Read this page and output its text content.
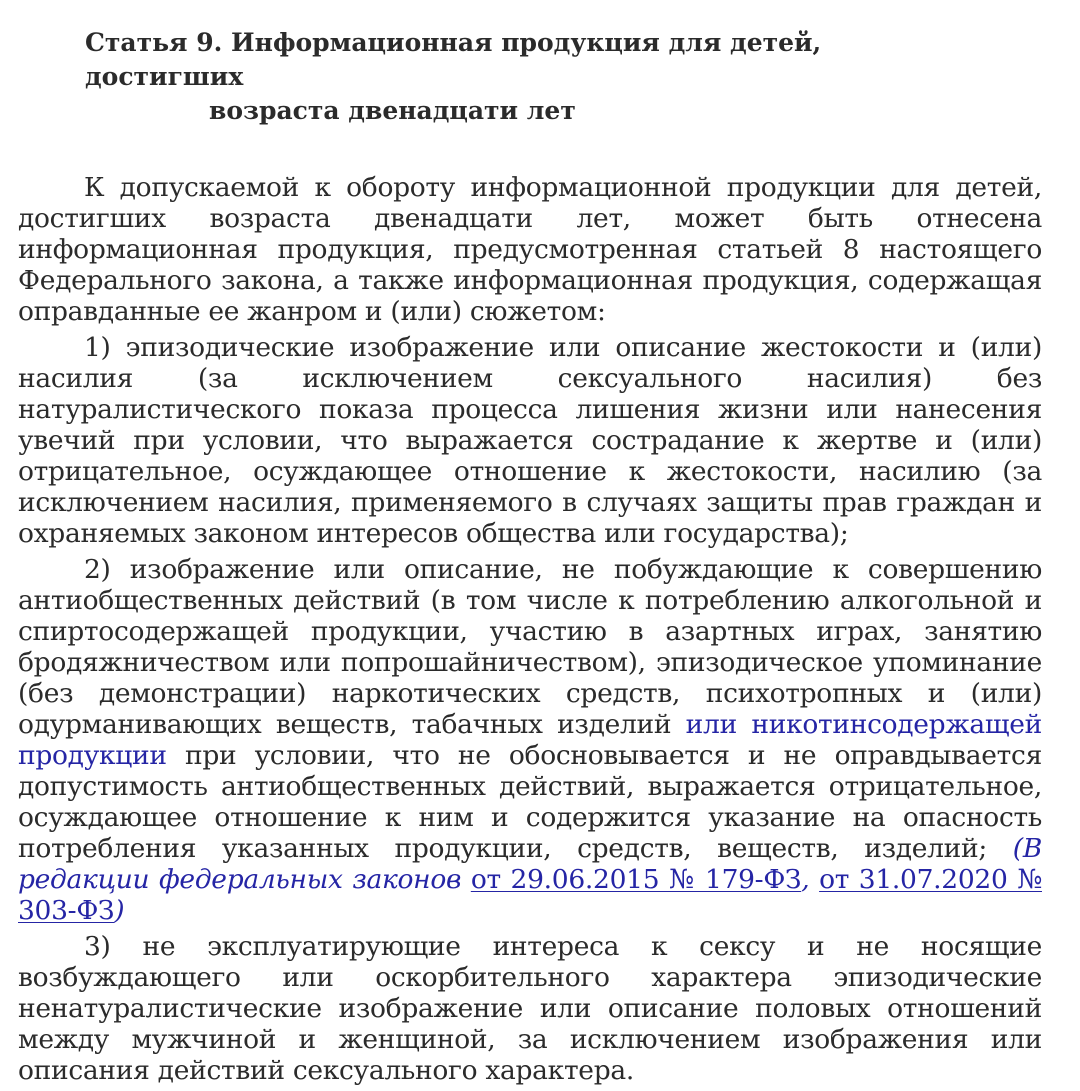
Статья 9. Информационная продукция для детей, достигших
возраста двенадцати лет

К допускаемой к обороту информационной продукции для детей, достигших возраста двенадцати лет, может быть отнесена информационная продукция, предусмотренная статьей 8 настоящего Федерального закона, а также информационная продукция, содержащая оправданные ее жанром и (или) сюжетом:

1) эпизодические изображение или описание жестокости и (или) насилия (за исключением сексуального насилия) без натуралистического показа процесса лишения жизни или нанесения увечий при условии, что выражается сострадание к жертве и (или) отрицательное, осуждающее отношение к жестокости, насилию (за исключением насилия, применяемого в случаях защиты прав граждан и охраняемых законом интересов общества или государства);

2) изображение или описание, не побуждающие к совершению антиобщественных действий (в том числе к потреблению алкогольной и спиртосодержащей продукции, участию в азартных играх, занятию бродяжничеством или попрошайничеством), эпизодическое упоминание (без демонстрации) наркотических средств, психотропных и (или) одурманивающих веществ, табачных изделий или никотинсодержащей продукции при условии, что не обосновывается и не оправдывается допустимость антиобщественных действий, выражается отрицательное, осуждающее отношение к ним и содержится указание на опасность потребления указанных продукции, средств, веществ, изделий; (В редакции федеральных законов от 29.06.2015 № 179-ФЗ, от 31.07.2020 № 303-ФЗ)

3) не эксплуатирующие интереса к сексу и не носящие возбуждающего или оскорбительного характера эпизодические ненатуралистические изображение или описание половых отношений между мужчиной и женщиной, за исключением изображения или описания действий сексуального характера.
